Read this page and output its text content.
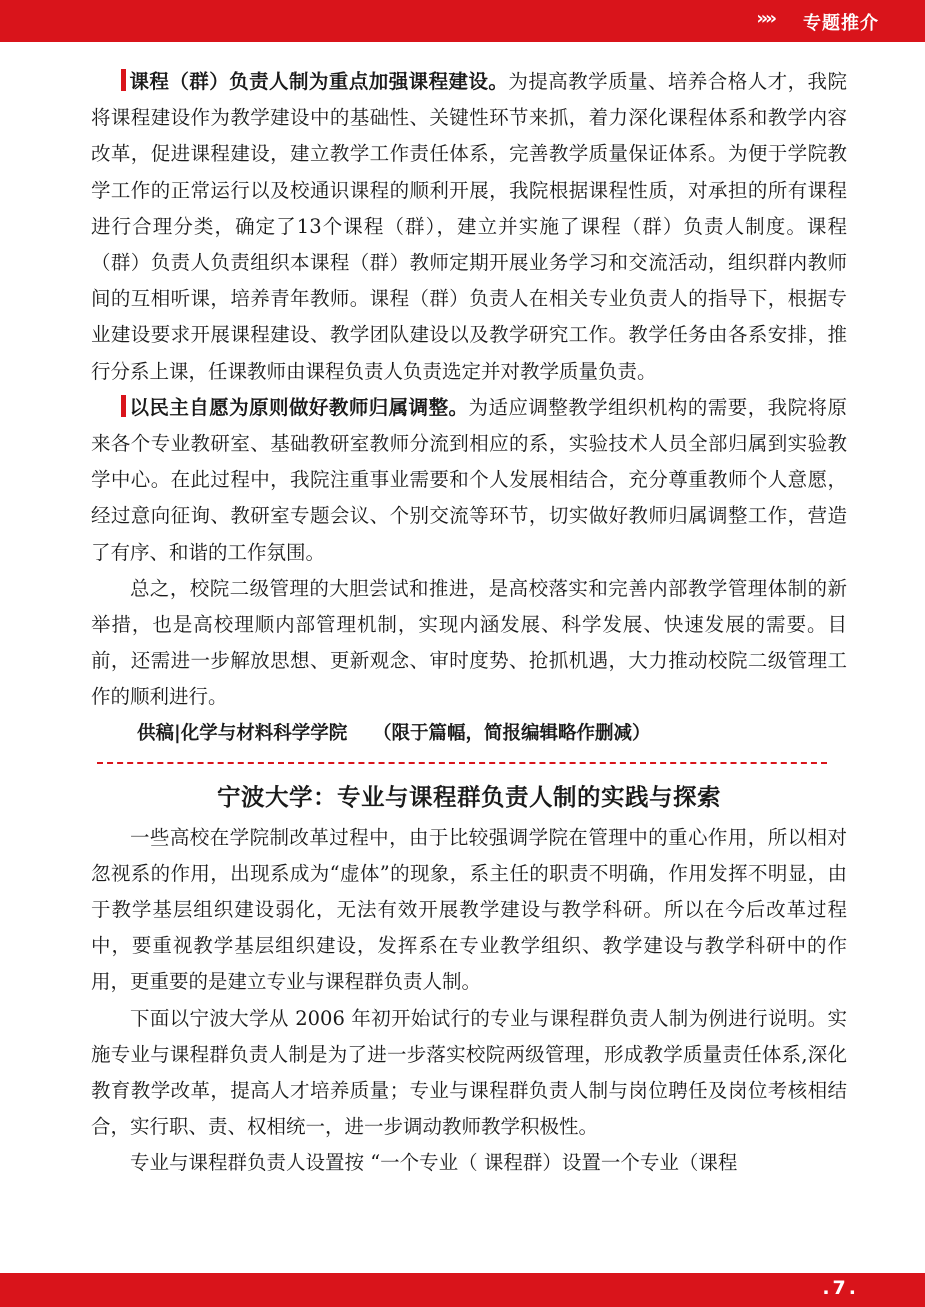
›››› 专题推介

课程（群）负责人制为重点加强课程建设。为提高教学质量、培养合格人才，我院将课程建设作为教学建设中的基础性、关键性环节来抓，着力深化课程体系和教学内容改革，促进课程建设，建立教学工作责任体系，完善教学质量保证体系。为便于学院教学工作的正常运行以及校通识课程的顺利开展，我院根据课程性质，对承担的所有课程进行合理分类，确定了13个课程（群），建立并实施了课程（群）负责人制度。课程（群）负责人负责组织本课程（群）教师定期开展业务学习和交流活动，组织群内教师间的互相听课，培养青年教师。课程（群）负责人在相关专业负责人的指导下，根据专业建设要求开展课程建设、教学团队建设以及教学研究工作。教学任务由各系安排，推行分系上课，任课教师由课程负责人负责选定并对教学质量负责。

以民主自愿为原则做好教师归属调整。为适应调整教学组织机构的需要，我院将原来各个专业教研室、基础教研室教师分流到相应的系，实验技术人员全部归属到实验教学中心。在此过程中，我院注重事业需要和个人发展相结合，充分尊重教师个人意愿，经过意向征询、教研室专题会议、个别交流等环节，切实做好教师归属调整工作，营造了有序、和谐的工作氛围。

总之，校院二级管理的大胆尝试和推进，是高校落实和完善内部教学管理体制的新举措，也是高校理顺内部管理机制，实现内涵发展、科学发展、快速发展的需要。目前，还需进一步解放思想、更新观念、审时度势、抢抓机遇，大力推动校院二级管理工作的顺利进行。

供稿|化学与材料科学学院 （限于篇幅，简报编辑略作删减）
宁波大学：专业与课程群负责人制的实践与探索

一些高校在学院制改革过程中，由于比较强调学院在管理中的重心作用，所以相对忽视系的作用，出现系成为“虚体”的现象，系主任的职责不明确，作用发挥不明显，由于教学基层组织建设弱化，无法有效开展教学建设与教学科研。所以在今后改革过程中，要重视教学基层组织建设，发挥系在专业教学组织、教学建设与教学科研中的作用，更重要的是建立专业与课程群负责人制。

下面以宁波大学从 2006 年初开始试行的专业与课程群负责人制为例进行说明。实施专业与课程群负责人制是为了进一步落实校院两级管理，形成教学质量责任体系,深化教育教学改革，提高人才培养质量；专业与课程群负责人制与岗位聘任及岗位考核相结合，实行职、责、权相统一，进一步调动教师教学积极性。

专业与课程群负责人设置按 “一个专业（ 课程群）设置一个专业（课程

.7.
